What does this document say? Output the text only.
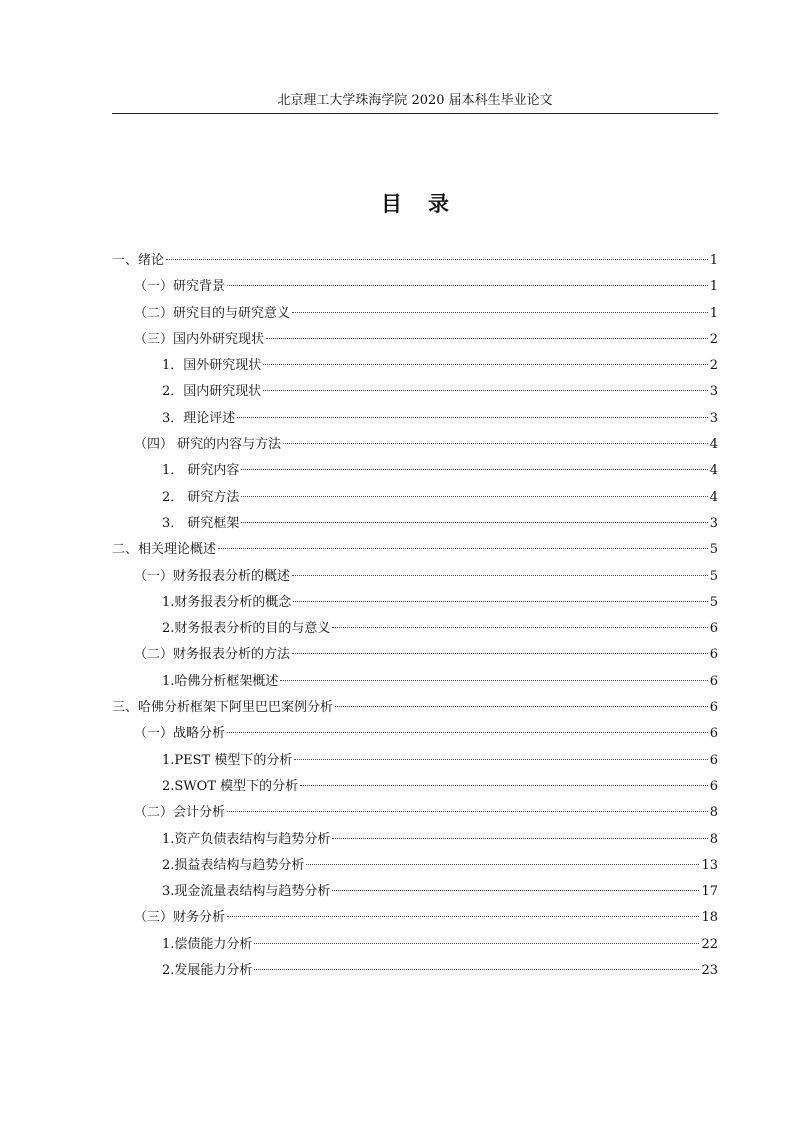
北京理工大学珠海学院 2020 届本科生毕业论文
目录
一、绪论	1
（一）研究背景	1
（二）研究目的与研究意义	1
（三）国内外研究现状	2
1．国外研究现状	2
2．国内研究现状	3
3．理论评述	3
（四） 研究的内容与方法	4
1． 研究内容	4
2． 研究方法	4
3． 研究框架	3
二、相关理论概述	5
（一）财务报表分析的概述	5
1.财务报表分析的概念	5
2.财务报表分析的目的与意义	6
（二）财务报表分析的方法	6
1.哈佛分析框架概述	6
三、哈佛分析框架下阿里巴巴案例分析	6
（一）战略分析	6
1.PEST 模型下的分析	6
2.SWOT 模型下的分析	6
（二）会计分析	8
1.资产负债表结构与趋势分析	8
2.损益表结构与趋势分析	13
3.现金流量表结构与趋势分析	17
（三）财务分析	18
1.偿债能力分析	22
2.发展能力分析	23
